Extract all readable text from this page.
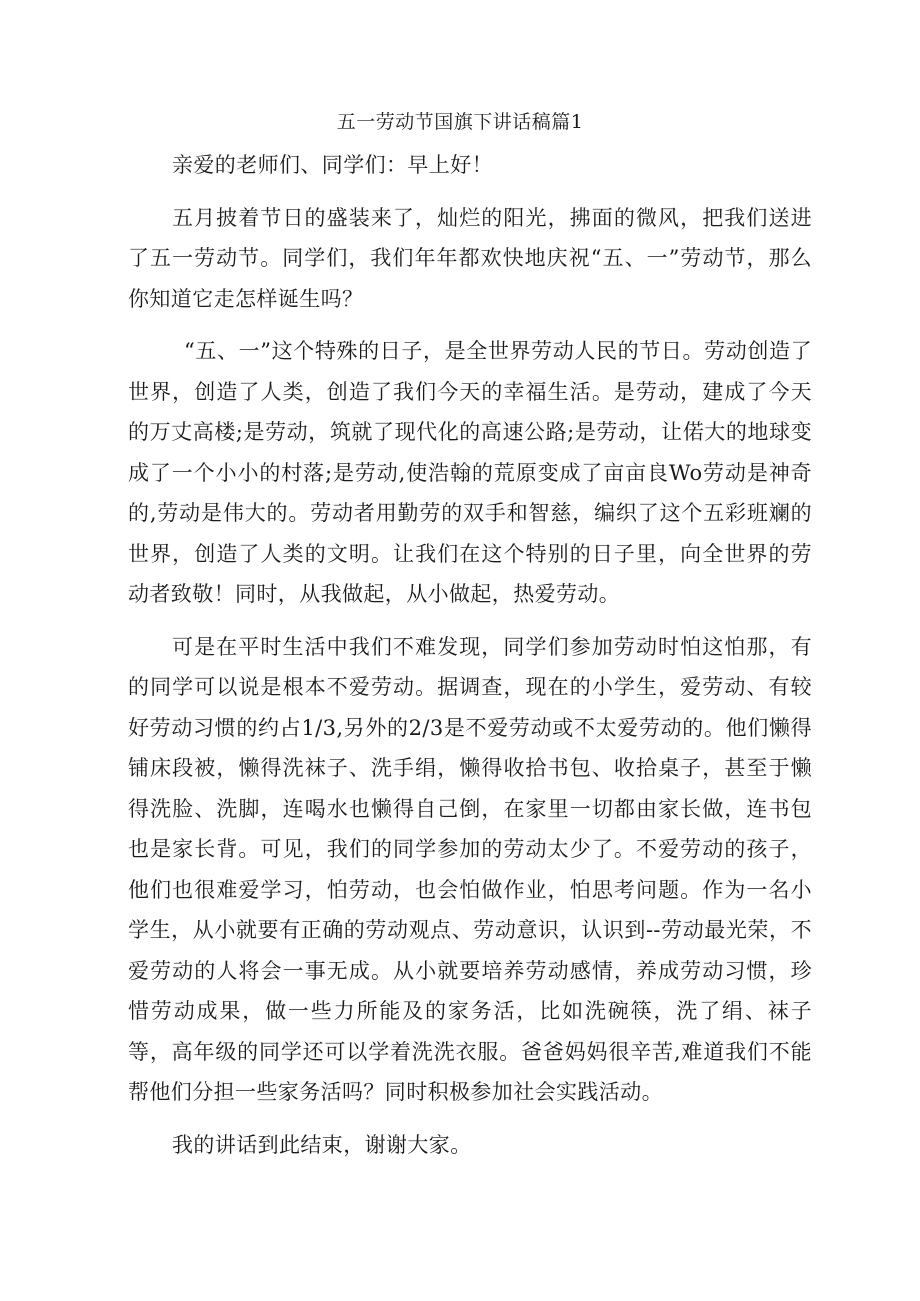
五一劳动节国旗下讲话稿篇1

亲爱的老师们、同学们：早上好！

五月披着节日的盛装来了，灿烂的阳光，拂面的微风，把我们送进了五一劳动节。同学们，我们年年都欢快地庆祝“五、一”劳动节，那么你知道它走怎样诞生吗？

“五、一”这个特殊的日子，是全世界劳动人民的节日。劳动创造了世界，创造了人类，创造了我们今天的幸福生活。是劳动，建成了今天的万丈高楼;是劳动，筑就了现代化的高速公路;是劳动，让偌大的地球变成了一个小小的村落;是劳动,使浩翰的荒原变成了亩亩良Wo劳动是神奇的,劳动是伟大的。劳动者用勤劳的双手和智慈，编织了这个五彩班斓的世界，创造了人类的文明。让我们在这个特别的日子里，向全世界的劳动者致敬！同时，从我做起，从小做起，热爱劳动。

可是在平时生活中我们不难发现，同学们参加劳动时怕这怕那，有的同学可以说是根本不爱劳动。据调查，现在的小学生，爱劳动、有较好劳动习惯的约占1/3,另外的2/3是不爱劳动或不太爱劳动的。他们懒得铺床段被，懒得洗袜子、洗手绢，懒得收拾书包、收拾桌子，甚至于懒得洗脸、洗脚，连喝水也懒得自己倒，在家里一切都由家长做，连书包也是家长背。可见，我们的同学参加的劳动太少了。不爱劳动的孩子，他们也很难爱学习，怕劳动，也会怕做作业，怕思考问题。作为一名小学生，从小就要有正确的劳动观点、劳动意识，认识到--劳动最光荣，不爱劳动的人将会一事无成。从小就要培养劳动感情，养成劳动习惯，珍惜劳动成果，做一些力所能及的家务活，比如洗碗筷，洗了绢、袜子等，高年级的同学还可以学着洗洗衣服。爸爸妈妈很辛苦,难道我们不能帮他们分担一些家务活吗？同时积极参加社会实践活动。

我的讲话到此结束，谢谢大家。
